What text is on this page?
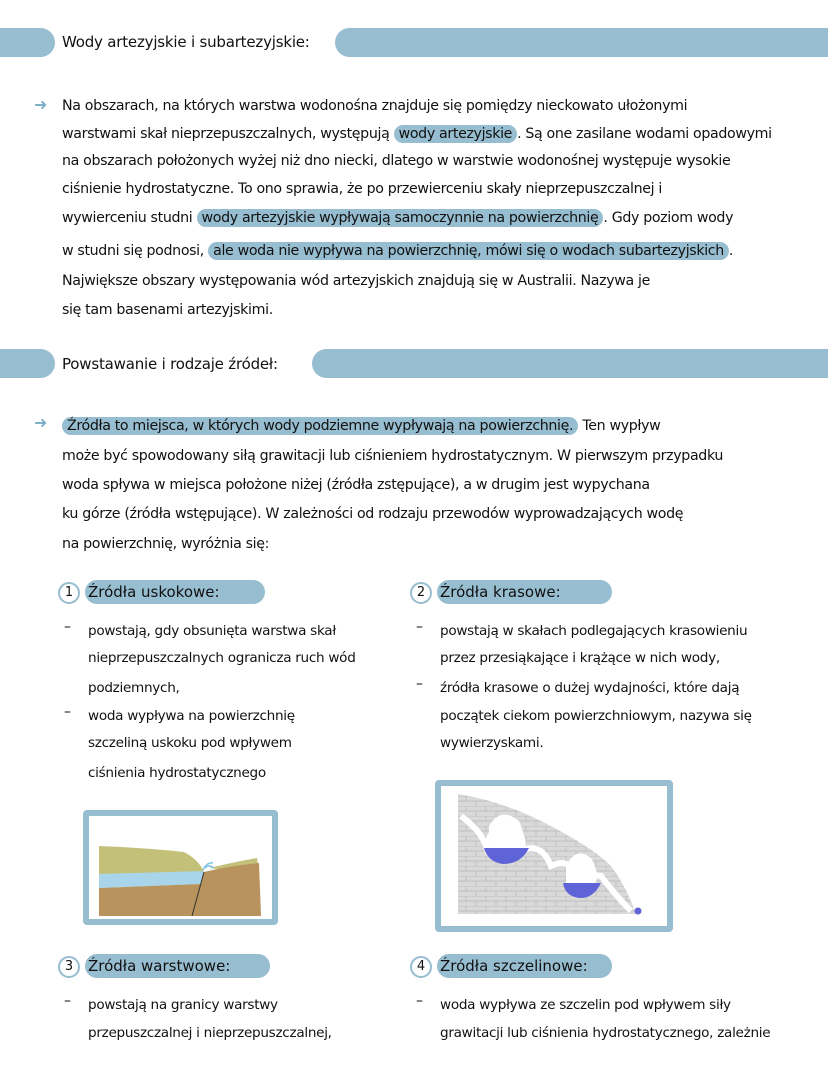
Wody artezyjskie i subartezyjskie:
➜ Na obszarach, na których warstwa wodonośna znajduje się pomiędzy nieckowato ułożonymi
warstwami skał nieprzepuszczalnych, występują wody artezyjskie . Są one zasilane wodami opadowymi
na obszarach położonych wyżej niż dno niecki, dlatego w warstwie wodonośnej występuje wysokie
ciśnienie hydrostatyczne. To ono sprawia, że po przewierceniu skały nieprzepuszczalnej i
wywierceniu studni wody artezyjskie wypływają samoczynnie na powierzchnię . Gdy poziom wody
w studni się podnosi, ale woda nie wypływa na powierzchnię, mówi się o wodach subartezyjskich .
Największe obszary występowania wód artezyjskich znajdują się w Australii. Nazywa je
się tam basenami artezyjskimi.
Powstawanie i rodzaje źródeł:
➜	Źródła to miejsca, w których wody podziemne wypływają na powierzchnię. Ten wypływ
może być spowodowany siłą grawitacji lub ciśnieniem hydrostatycznym. W pierwszym przypadku
woda spływa w miejsca położone niżej (źródła zstępujące), a w drugim jest wypychana
ku górze (źródła wstępujące). W zależności od rodzaju przewodów wyprowadzających wodę
na powierzchnię, wyróżnia się:
1 Źródła uskokowe:
– powstają, gdy obsunięta warstwa skał
nieprzepuszczalnych ogranicza ruch wód
podziemnych,
– woda wypływa na powierzchnię
szczeliną uskoku pod wpływem
ciśnienia hydrostatycznego
2 Źródła krasowe:
– powstają w skałach podlegających krasowieniu
przez przesiąkające i krążące w nich wody,
– źródła krasowe o dużej wydajności, które dają
początek ciekom powierzchniowym, nazywa się
wywierzyskami.
3 Źródła warstwowe:
– powstają na granicy warstwy
przepuszczalnej i nieprzepuszczalnej,
4 Źródła szczelinowe:
– woda wypływa ze szczelin pod wpływem siły
grawitacji lub ciśnienia hydrostatycznego, zależnie
